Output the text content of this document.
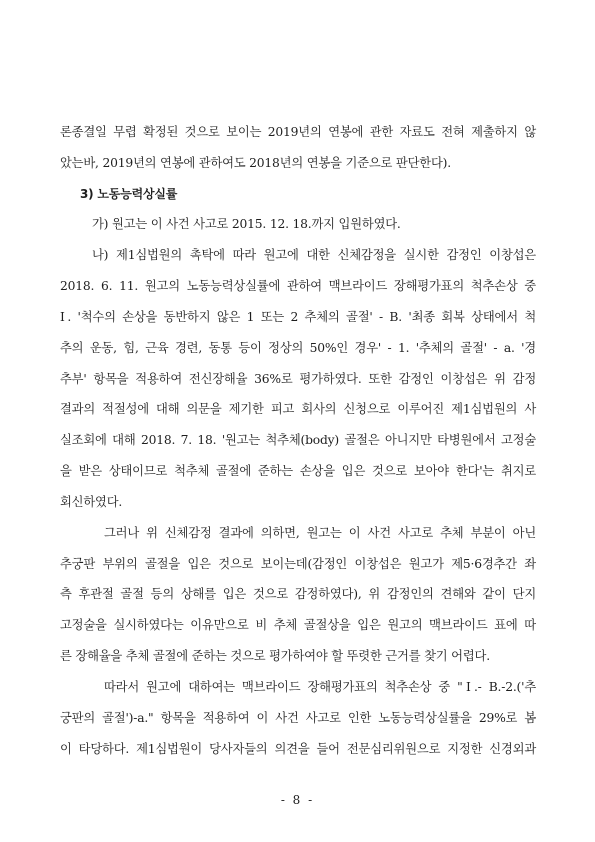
론종결일 무렵 확정된 것으로 보이는 2019년의 연봉에 관한 자료도 전혀 제출하지 않
았는바, 2019년의 연봉에 관하여도 2018년의 연봉을 기준으로 판단한다).
3) 노동능력상실률
가) 원고는 이 사건 사고로 2015. 12. 18.까지 입원하였다.
나) 제1심법원의 촉탁에 따라 원고에 대한 신체감정을 실시한 감정인 이창섭은
2018. 6. 11. 원고의 노동능력상실률에 관하여 맥브라이드 장해평가표의 척추손상 중
Ⅰ. '척수의 손상을 동반하지 않은 1 또는 2 추체의 골절' - B. '최종 회복 상태에서 척
추의 운동, 힘, 근육 경련, 동통 등이 정상의 50%인 경우' - 1. '추체의 골절' - a. '경
추부' 항목을 적용하여 전신장해율 36%로 평가하였다. 또한 감정인 이창섭은 위 감정
결과의 적절성에 대해 의문을 제기한 피고 회사의 신청으로 이루어진 제1심법원의 사
실조회에 대해 2018. 7. 18. '원고는 척추체(body) 골절은 아니지만 타병원에서 고정술
을 받은 상태이므로 척추체 골절에 준하는 손상을 입은 것으로 보아야 한다'는 취지로
회신하였다.
그러나 위 신체감정 결과에 의하면, 원고는 이 사건 사고로 추체 부분이 아닌
추궁판 부위의 골절을 입은 것으로 보이는데(감정인 이창섭은 원고가 제5·6경추간 좌
측 후관절 골절 등의 상해를 입은 것으로 감정하였다), 위 감정인의 견해와 같이 단지
고정술을 실시하였다는 이유만으로 비 추체 골절상을 입은 원고의 맥브라이드 표에 따
른 장해율을 추체 골절에 준하는 것으로 평가하여야 할 뚜렷한 근거를 찾기 어렵다.
따라서 원고에 대하여는 맥브라이드 장해평가표의 척추손상 중 "Ⅰ.- B.-2.('추
궁판의 골절')-a." 항목을 적용하여 이 사건 사고로 인한 노동능력상실률을 29%로 봄
이 타당하다. 제1심법원이 당사자들의 의견을 들어 전문심리위원으로 지정한 신경외과
- 8 -
